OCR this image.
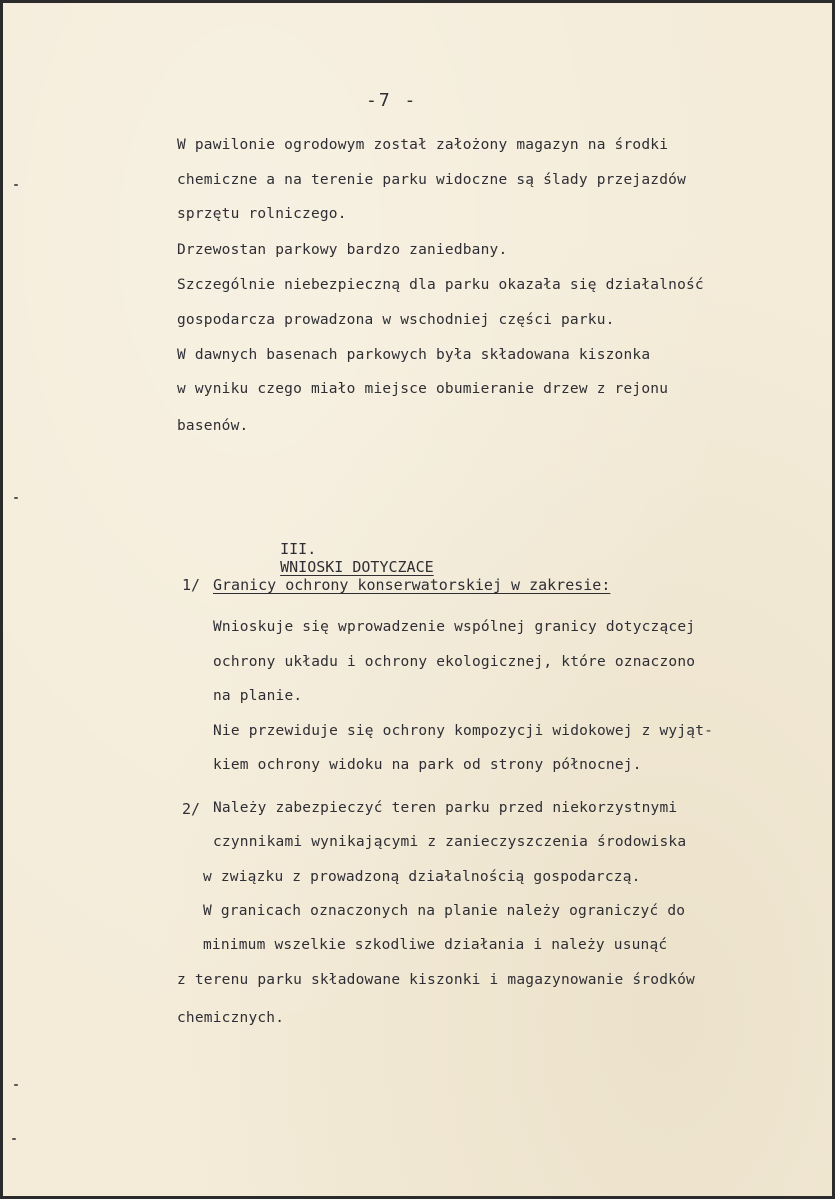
-7 -
W pawilonie ogrodowym został założony magazyn na środki
chemiczne a na terenie parku widoczne są ślady przejazdów
sprzętu rolniczego.
Drzewostan parkowy bardzo zaniedbany.
Szczególnie niebezpieczną dla parku okazała się działalność
gospodarcza prowadzona w wschodniej części parku.
W dawnych basenach parkowych była składowana kiszonka
w wyniku czego miało miejsce obumieranie drzew z rejonu
basenów.

III.
WNIOSKI DOTYCZACE

1/ Granicy ochrony konserwatorskiej w zakresie:
Wnioskuje się wprowadzenie wspólnej granicy dotyczącej
ochrony układu i ochrony ekologicznej, które oznaczono
na planie.
Nie przewiduje się ochrony kompozycji widokowej z wyjąt-
kiem ochrony widoku na park od strony północnej.
2/ Należy zabezpieczyć teren parku przed niekorzystnymi
czynnikami wynikającymi z zanieczyszczenia środowiska
w związku z prowadzoną działalnością gospodarczą.
W granicach oznaczonych na planie należy ograniczyć do
minimum wszelkie szkodliwe działania i należy usunąć
z terenu parku składowane kiszonki i magazynowanie środków
chemicznych.
